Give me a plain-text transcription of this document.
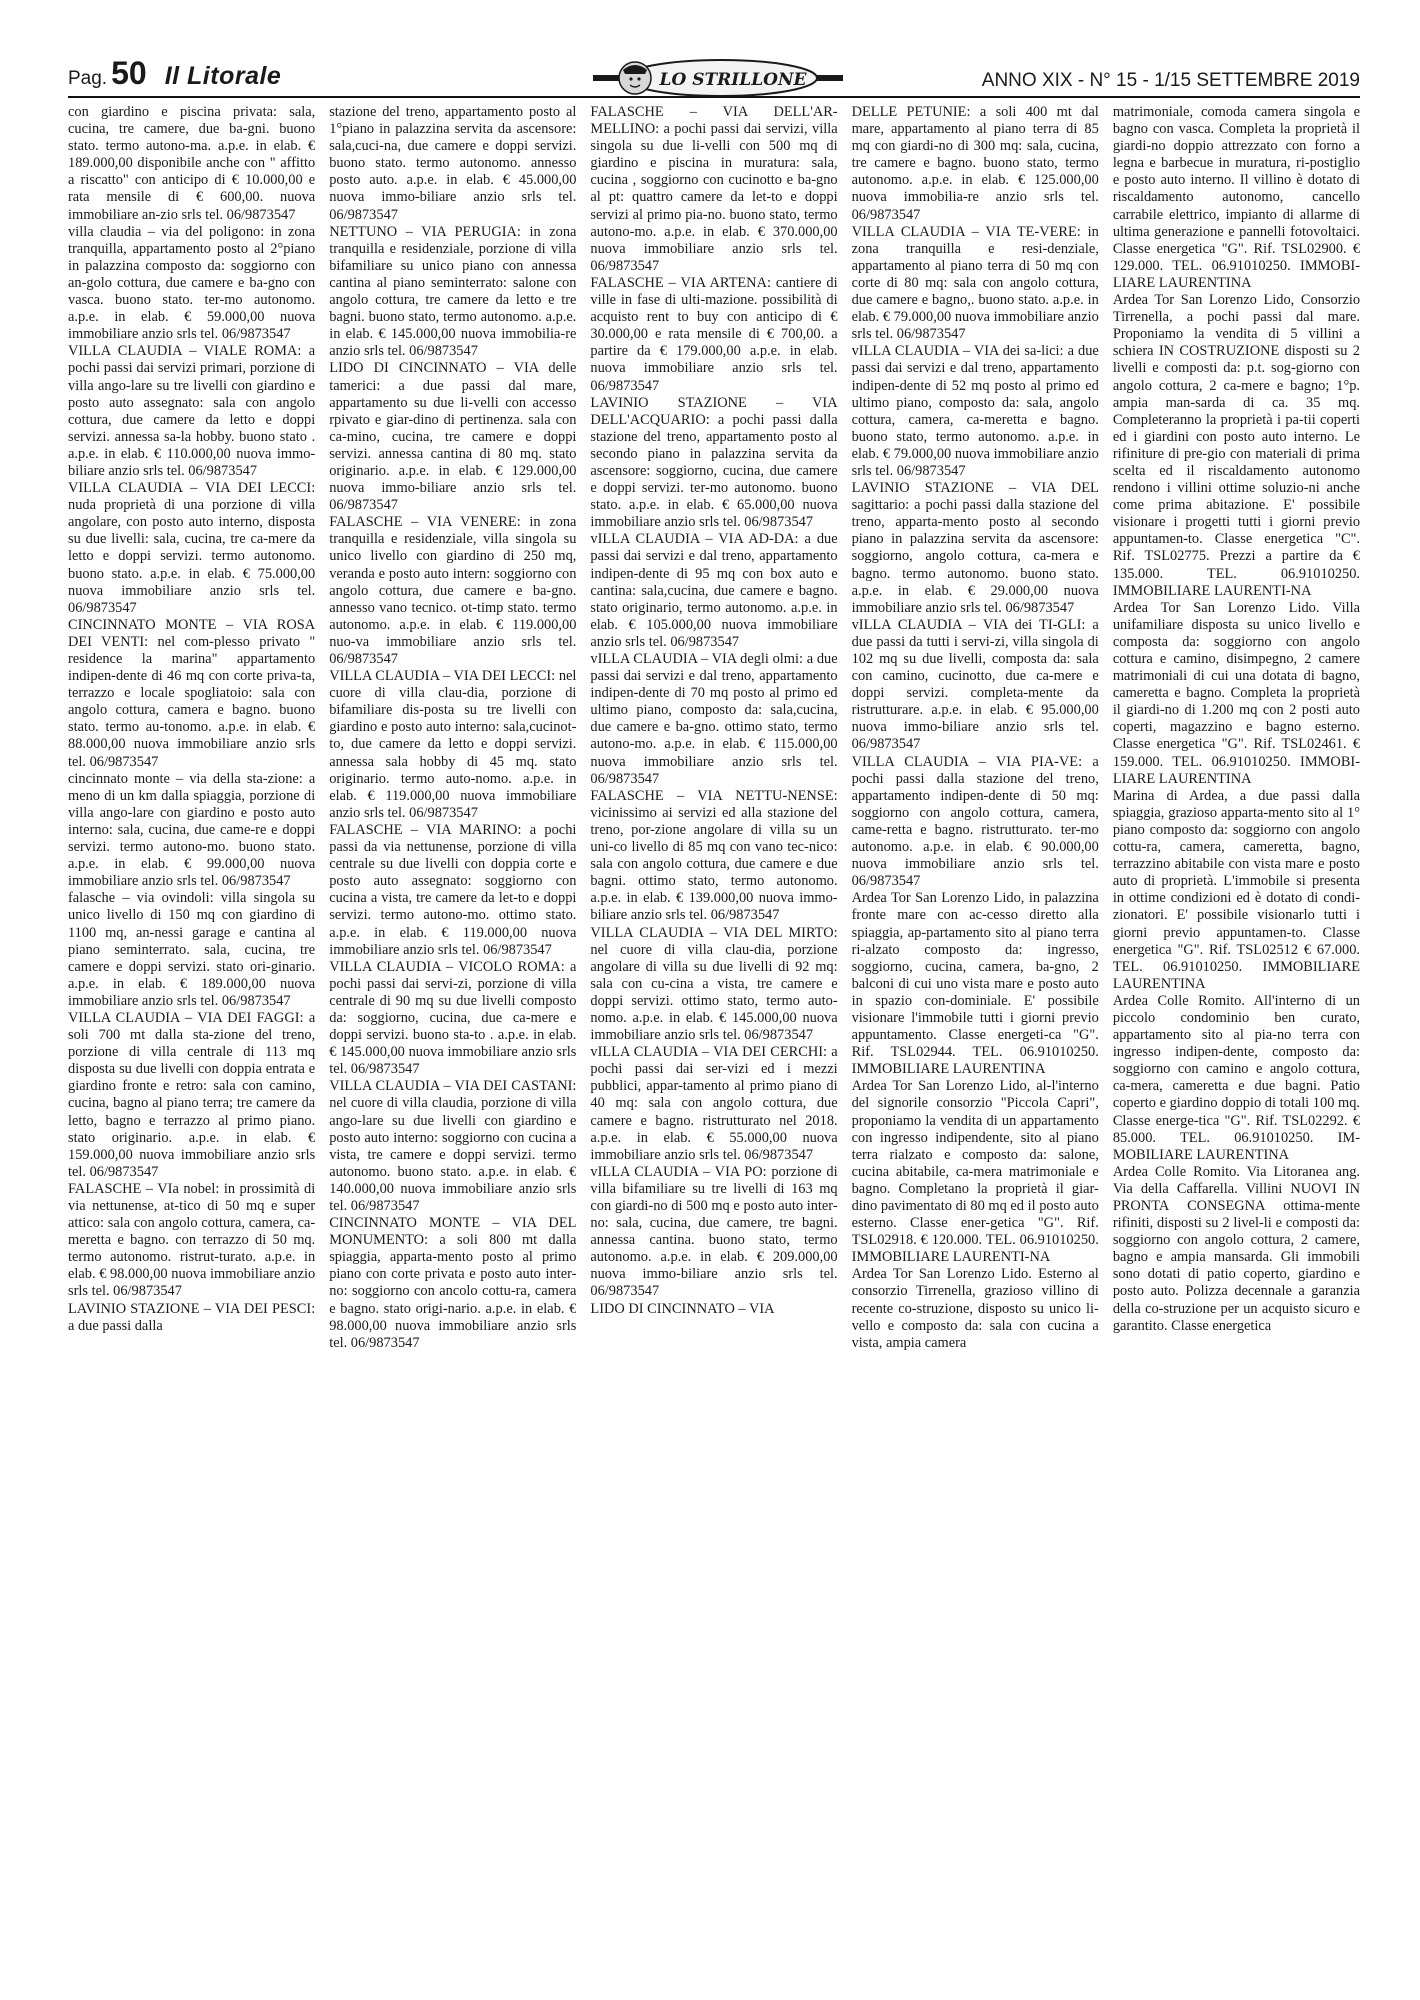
Pag. 50 Il Litorale	LO STRILLONE	ANNO XIX - N° 15 - 1/15 SETTEMBRE 2019

con giardino e piscina privata: sala, cucina, tre camere, due ba-gni. buono stato. termo autono-ma. a.p.e. in elab. € 189.000,00 disponibile anche con " affitto a riscatto" con anticipo di € 10.000,00 e rata mensile di € 600,00. nuova immobiliare an-zio srls tel. 06/9873547

villa claudia – via del poligono: in zona tranquilla, appartamento posto al 2°piano in palazzina composto da: soggiorno con an-golo cottura, due camere e ba-gno con vasca. buono stato. ter-mo autonomo. a.p.e. in elab. € 59.000,00 nuova immobiliare anzio srls tel. 06/9873547

VILLA CLAUDIA – VIALE ROMA: a pochi passi dai servizi primari, porzione di villa ango-lare su tre livelli con giardino e posto auto assegnato: sala con angolo cottura, due camere da letto e doppi servizi. annessa sa-la hobby. buono stato . a.p.e. in elab. € 110.000,00 nuova immo-biliare anzio srls tel. 06/9873547

VILLA CLAUDIA – VIA DEI LECCI: nuda proprietà di una porzione di villa angolare, con posto auto interno, disposta su due livelli: sala, cucina, tre ca-mere da letto e doppi servizi. termo autonomo. buono stato. a.p.e. in elab. € 75.000,00 nuova immobiliare anzio srls tel. 06/9873547

CINCINNATO MONTE – VIA ROSA DEI VENTI: nel com-plesso privato " residence la marina" appartamento indipen-dente di 46 mq con corte priva-ta, terrazzo e locale spogliatoio: sala con angolo cottura, camera e bagno. buono stato. termo au-tonomo. a.p.e. in elab. € 88.000,00 nuova immobiliare anzio srls tel. 06/9873547

cincinnato monte – via della sta-zione: a meno di un km dalla spiaggia, porzione di villa ango-lare con giardino e posto auto interno: sala, cucina, due came-re e doppi servizi. termo autono-mo. buono stato. a.p.e. in elab. € 99.000,00 nuova immobiliare anzio srls tel. 06/9873547

falasche – via ovindoli: villa singola su unico livello di 150 mq con giardino di 1100 mq, an-nessi garage e cantina al piano seminterrato. sala, cucina, tre camere e doppi servizi. stato ori-ginario. a.p.e. in elab. € 189.000,00 nuova immobiliare anzio srls tel. 06/9873547

VILLA CLAUDIA – VIA DEI FAGGI: a soli 700 mt dalla sta-zione del treno, porzione di villa centrale di 113 mq disposta su due livelli con doppia entrata e giardino fronte e retro: sala con camino, cucina, bagno al piano terra; tre camere da letto, bagno e terrazzo al primo piano. stato originario. a.p.e. in elab. € 159.000,00 nuova immobiliare anzio srls tel. 06/9873547

FALASCHE – VIa nobel: in prossimità di via nettunense, at-tico di 50 mq e super attico: sala con angolo cottura, camera, ca-meretta e bagno. con terrazzo di 50 mq. termo autonomo. ristrut-turato. a.p.e. in elab. € 98.000,00 nuova immobiliare anzio srls tel. 06/9873547

LAVINIO STAZIONE – VIA DEI PESCI: a due passi dalla

stazione del treno, appartamento posto al 1°piano in palazzina servita da ascensore: sala,cuci-na, due camere e doppi servizi. buono stato. termo autonomo. annesso posto auto. a.p.e. in elab. € 45.000,00 nuova immo-biliare anzio srls tel. 06/9873547

NETTUNO – VIA PERUGIA: in zona tranquilla e residenziale, porzione di villa bifamiliare su unico piano con annessa cantina al piano seminterrato: salone con angolo cottura, tre camere da letto e tre bagni. buono stato, termo autonomo. a.p.e. in elab. € 145.000,00 nuova immobilia-re anzio srls tel. 06/9873547

LIDO DI CINCINNATO – VIA delle tamerici: a due passi dal mare, appartamento su due li-velli con accesso rpivato e giar-dino di pertinenza. sala con ca-mino, cucina, tre camere e doppi servizi. annessa cantina di 80 mq. stato originario. a.p.e. in elab. € 129.000,00 nuova immo-biliare anzio srls tel. 06/9873547

FALASCHE – VIA VENERE: in zona tranquilla e residenziale, villa singola su unico livello con giardino di 250 mq, veranda e posto auto intern: soggiorno con angolo cottura, due camere e ba-gno. annesso vano tecnico. ot-timp stato. termo autonomo. a.p.e. in elab. € 119.000,00 nuo-va immobiliare anzio srls tel. 06/9873547

VILLA CLAUDIA – VIA DEI LECCI: nel cuore di villa clau-dia, porzione di bifamiliare dis-posta su tre livelli con giardino e posto auto interno: sala,cucinot-to, due camere da letto e doppi servizi. annessa sala hobby di 45 mq. stato originario. termo auto-nomo. a.p.e. in elab. € 119.000,00 nuova immobiliare anzio srls tel. 06/9873547

FALASCHE – VIA MARINO: a pochi passi da via nettunense, porzione di villa centrale su due livelli con doppia corte e posto auto assegnato: soggiorno con cucina a vista, tre camere da let-to e doppi servizi. termo autono-mo. ottimo stato. a.p.e. in elab. € 119.000,00 nuova immobiliare anzio srls tel. 06/9873547

VILLA CLAUDIA – VICOLO ROMA: a pochi passi dai servi-zi, porzione di villa centrale di 90 mq su due livelli composto da: soggiorno, cucina, due ca-mere e doppi servizi. buono sta-to . a.p.e. in elab. € 145.000,00 nuova immobiliare anzio srls tel. 06/9873547

VILLA CLAUDIA – VIA DEI CASTANI: nel cuore di villa claudia, porzione di villa ango-lare su due livelli con giardino e posto auto interno: soggiorno con cucina a vista, tre camere e doppi servizi. termo autonomo. buono stato. a.p.e. in elab. € 140.000,00 nuova immobiliare anzio srls tel. 06/9873547

CINCINNATO MONTE – VIA DEL MONUMENTO: a soli 800 mt dalla spiaggia, apparta-mento posto al primo piano con corte privata e posto auto inter-no: soggiorno con ancolo cottu-ra, camera e bagno. stato origi-nario. a.p.e. in elab. € 98.000,00 nuova immobiliare anzio srls tel. 06/9873547

FALASCHE – VIA DELL'AR-MELLINO: a pochi passi dai servizi, villa singola su due li-velli con 500 mq di giardino e piscina in muratura: sala, cucina , soggiorno con cucinotto e ba-gno al pt: quattro camere da let-to e doppi servizi al primo pia-no. buono stato, termo autono-mo. a.p.e. in elab. € 370.000,00 nuova immobiliare anzio srls tel. 06/9873547

FALASCHE – VIA ARTENA: cantiere di ville in fase di ulti-mazione. possibilità di acquisto rent to buy con anticipo di € 30.000,00 e rata mensile di € 700,00. a partire da € 179.000,00 a.p.e. in elab. nuova immobiliare anzio srls tel. 06/9873547

LAVINIO STAZIONE – VIA DELL'ACQUARIO: a pochi passi dalla stazione del treno, appartamento posto al secondo piano in palazzina servita da ascensore: soggiorno, cucina, due camere e doppi servizi. ter-mo autonomo. buono stato. a.p.e. in elab. € 65.000,00 nuova immobiliare anzio srls tel. 06/9873547

vILLA CLAUDIA – VIA AD-DA: a due passi dai servizi e dal treno, appartamento indipen-dente di 95 mq con box auto e cantina: sala,cucina, due camere e bagno. stato originario, termo autonomo. a.p.e. in elab. € 105.000,00 nuova immobiliare anzio srls tel. 06/9873547

vILLA CLAUDIA – VIA degli olmi: a due passi dai servizi e dal treno, appartamento indipen-dente di 70 mq posto al primo ed ultimo piano, composto da: sala,cucina, due camere e ba-gno. ottimo stato, termo autono-mo. a.p.e. in elab. € 115.000,00 nuova immobiliare anzio srls tel. 06/9873547

FALASCHE – VIA NETTU-NENSE: vicinissimo ai servizi ed alla stazione del treno, por-zione angolare di villa su un uni-co livello di 85 mq con vano tec-nico: sala con angolo cottura, due camere e due bagni. ottimo stato, termo autonomo. a.p.e. in elab. € 139.000,00 nuova immo-biliare anzio srls tel. 06/9873547

VILLA CLAUDIA – VIA DEL MIRTO: nel cuore di villa clau-dia, porzione angolare di villa su due livelli di 92 mq: sala con cu-cina a vista, tre camere e doppi servizi. ottimo stato, termo auto-nomo. a.p.e. in elab. € 145.000,00 nuova immobiliare anzio srls tel. 06/9873547

vILLA CLAUDIA – VIA DEI CERCHI: a pochi passi dai ser-vizi ed i mezzi pubblici, appar-tamento al primo piano di 40 mq: sala con angolo cottura, due camere e bagno. ristrutturato nel 2018. a.p.e. in elab. € 55.000,00 nuova immobiliare anzio srls tel. 06/9873547

vILLA CLAUDIA – VIA PO: porzione di villa bifamiliare su tre livelli di 163 mq con giardi-no di 500 mq e posto auto inter-no: sala, cucina, due camere, tre bagni. annessa cantina. buono stato, termo autonomo. a.p.e. in elab. € 209.000,00 nuova immo-biliare anzio srls tel. 06/9873547

LIDO DI CINCINNATO – VIA

DELLE PETUNIE: a soli 400 mt dal mare, appartamento al piano terra di 85 mq con giardi-no di 300 mq: sala, cucina, tre camere e bagno. buono stato, termo autonomo. a.p.e. in elab. € 125.000,00 nuova immobilia-re anzio srls tel. 06/9873547

VILLA CLAUDIA – VIA TE-VERE: in zona tranquilla e resi-denziale, appartamento al piano terra di 50 mq con corte di 80 mq: sala con angolo cottura, due camere e bagno,. buono stato. a.p.e. in elab. € 79.000,00 nuova immobiliare anzio srls tel. 06/9873547

vILLA CLAUDIA – VIA dei sa-lici: a due passi dai servizi e dal treno, appartamento indipen-dente di 52 mq posto al primo ed ultimo piano, composto da: sala, angolo cottura, camera, ca-meretta e bagno. buono stato, termo autonomo. a.p.e. in elab. € 79.000,00 nuova immobiliare anzio srls tel. 06/9873547

LAVINIO STAZIONE – VIA DEL sagittario: a pochi passi dalla stazione del treno, apparta-mento posto al secondo piano in palazzina servita da ascensore: soggiorno, angolo cottura, ca-mera e bagno. termo autonomo. buono stato. a.p.e. in elab. € 29.000,00 nuova immobiliare anzio srls tel. 06/9873547

vILLA CLAUDIA – VIA dei TI-GLI: a due passi da tutti i servi-zi, villa singola di 102 mq su due livelli, composta da: sala con camino, cucinotto, due ca-mere e doppi servizi. completa-mente da ristrutturare. a.p.e. in elab. € 95.000,00 nuova immo-biliare anzio srls tel. 06/9873547

VILLA CLAUDIA – VIA PIA-VE: a pochi passi dalla stazione del treno, appartamento indipen-dente di 50 mq: soggiorno con angolo cottura, camera, came-retta e bagno. ristrutturato. ter-mo autonomo. a.p.e. in elab. € 90.000,00 nuova immobiliare anzio srls tel. 06/9873547

Ardea Tor San Lorenzo Lido, in palazzina fronte mare con ac-cesso diretto alla spiaggia, ap-partamento sito al piano terra ri-alzato composto da: ingresso, soggiorno, cucina, camera, ba-gno, 2 balconi di cui uno vista mare e posto auto in spazio con-dominiale. E' possibile visionare l'immobile tutti i giorni previo appuntamento. Classe energeti-ca "G". Rif. TSL02944. TEL. 06.91010250. IMMOBILIARE LAURENTINA

Ardea Tor San Lorenzo Lido, al-l'interno del signorile consorzio "Piccola Capri", proponiamo la vendita di un appartamento con ingresso indipendente, sito al piano terra rialzato e composto da: salone, cucina abitabile, ca-mera matrimoniale e bagno. Completano la proprietà il giar-dino pavimentato di 80 mq ed il posto auto esterno. Classe ener-getica "G". Rif. TSL02918. € 120.000. TEL. 06.91010250. IMMOBILIARE LAURENTI-NA

Ardea Tor San Lorenzo Lido. Esterno al consorzio Tirrenella, grazioso villino di recente co-struzione, disposto su unico li-vello e composto da: sala con cucina a vista, ampia camera

matrimoniale, comoda camera singola e bagno con vasca. Completa la proprietà il giardi-no doppio attrezzato con forno a legna e barbecue in muratura, ri-postiglio e posto auto interno. Il villino è dotato di riscaldamento autonomo, cancello carrabile elettrico, impianto di allarme di ultima generazione e pannelli fotovoltaici. Classe energetica "G". Rif. TSL02900. € 129.000. TEL. 06.91010250. IMMOBI-LIARE LAURENTINA

Ardea Tor San Lorenzo Lido, Consorzio Tirrenella, a pochi passi dal mare. Proponiamo la vendita di 5 villini a schiera IN COSTRUZIONE disposti su 2 livelli e composti da: p.t. sog-giorno con angolo cottura, 2 ca-mere e bagno; 1°p. ampia man-sarda di ca. 35 mq. Completeranno la proprietà i pa-tii coperti ed i giardini con posto auto interno. Le rifiniture di pre-gio con materiali di prima scelta ed il riscaldamento autonomo rendono i villini ottime soluzio-ni anche come prima abitazione. E' possibile visionare i progetti tutti i giorni previo appuntamen-to. Classe energetica "C". Rif. TSL02775. Prezzi a partire da € 135.000. TEL. 06.91010250. IMMOBILIARE LAURENTI-NA

Ardea Tor San Lorenzo Lido. Villa unifamiliare disposta su unico livello e composta da: soggiorno con angolo cottura e camino, disimpegno, 2 camere matrimoniali di cui una dotata di bagno, cameretta e bagno. Completa la proprietà il giardi-no di 1.200 mq con 2 posti auto coperti, magazzino e bagno esterno. Classe energetica "G". Rif. TSL02461. € 159.000. TEL. 06.91010250. IMMOBI-LIARE LAURENTINA

Marina di Ardea, a due passi dalla spiaggia, grazioso apparta-mento sito al 1° piano composto da: soggiorno con angolo cottu-ra, camera, cameretta, bagno, terrazzino abitabile con vista mare e posto auto di proprietà. L'immobile si presenta in ottime condizioni ed è dotato di condi-zionatori. E' possibile visionarlo tutti i giorni previo appuntamen-to. Classe energetica "G". Rif. TSL02512 € 67.000. TEL. 06.91010250. IMMOBILIARE LAURENTINA

Ardea Colle Romito. All'interno di un piccolo condominio ben curato, appartamento sito al pia-no terra con ingresso indipen-dente, composto da: soggiorno con camino e angolo cottura, ca-mera, cameretta e due bagni. Patio coperto e giardino doppio di totali 100 mq. Classe energe-tica "G". Rif. TSL02292. € 85.000. TEL. 06.91010250. IM-MOBILIARE LAURENTINA

Ardea Colle Romito. Via Litoranea ang. Via della Caffarella. Villini NUOVI IN PRONTA CONSEGNA ottima-mente rifiniti, disposti su 2 livel-li e composti da: soggiorno con angolo cottura, 2 camere, bagno e ampia mansarda. Gli immobili sono dotati di patio coperto, giardino e posto auto. Polizza decennale a garanzia della co-struzione per un acquisto sicuro e garantito. Classe energetica
